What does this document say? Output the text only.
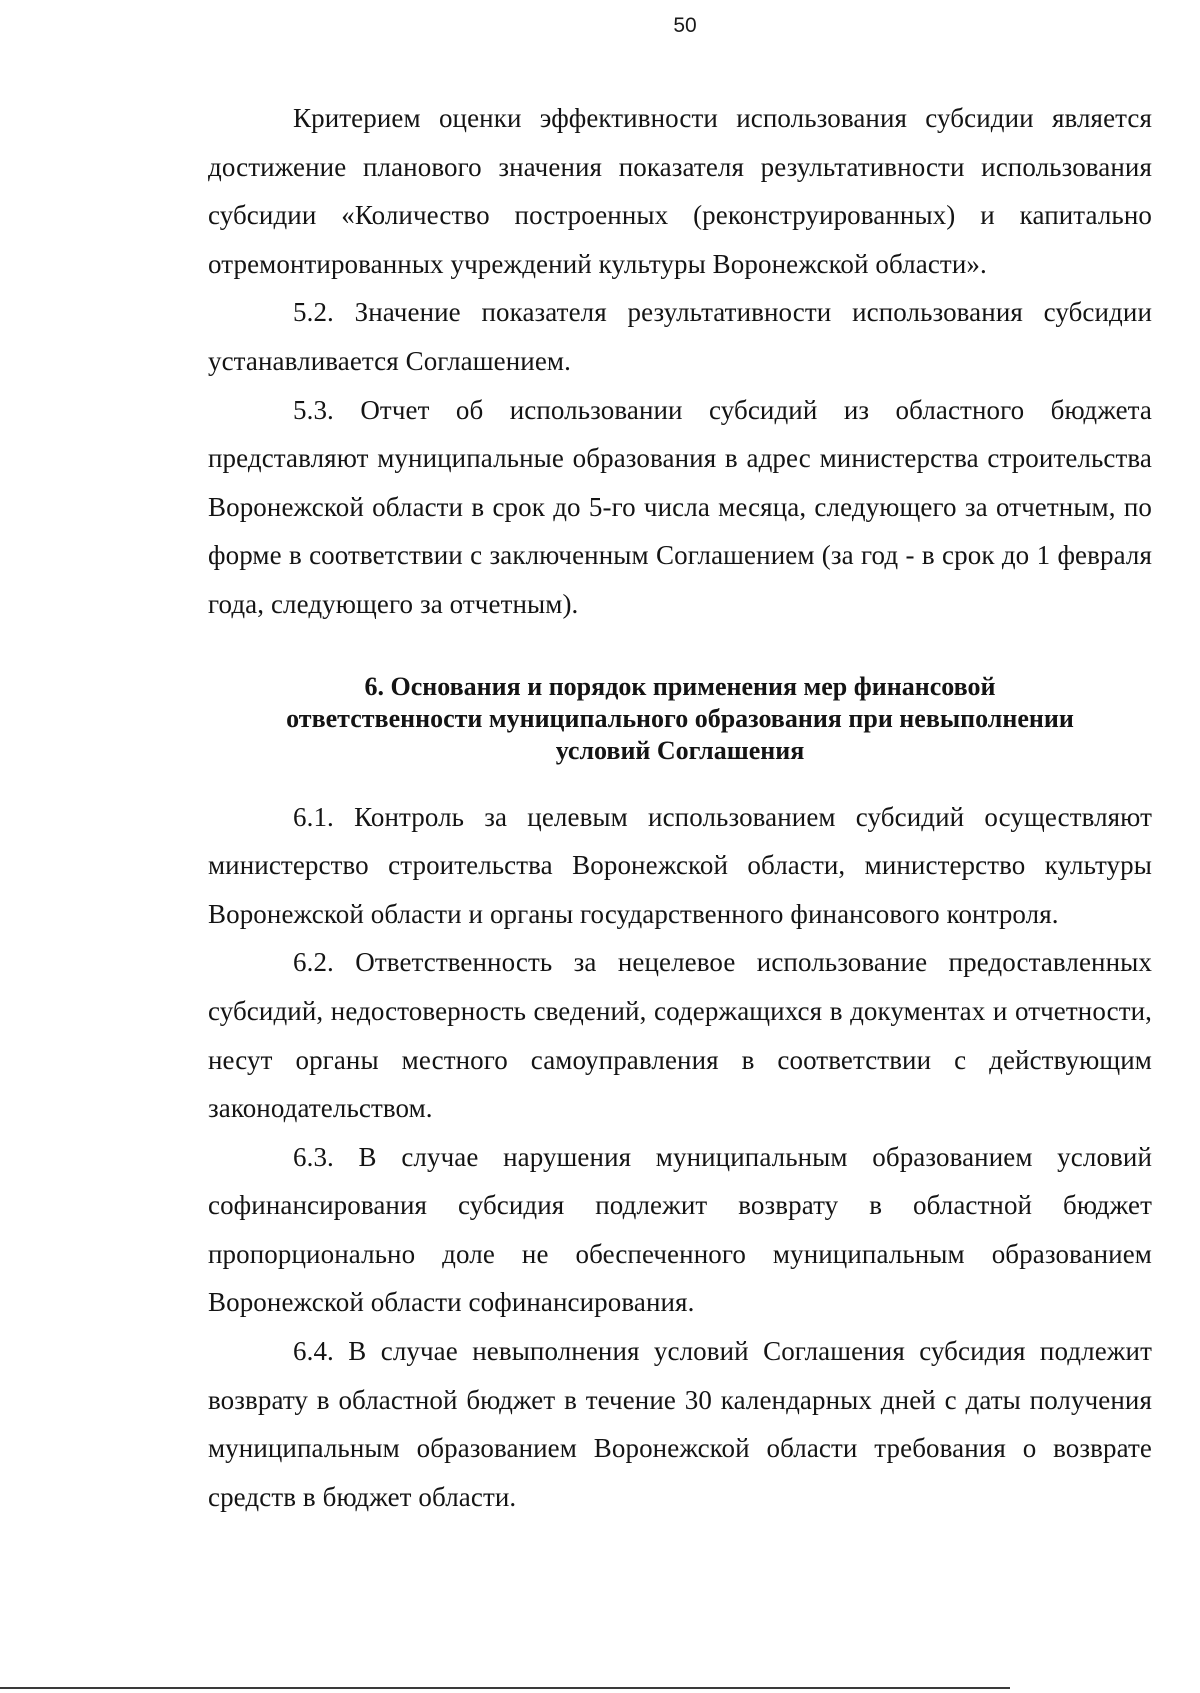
50

Критерием оценки эффективности использования субсидии является достижение планового значения показателя результативности использования субсидии «Количество построенных (реконструированных) и капитально отремонтированных учреждений культуры Воронежской области».

5.2. Значение показателя результативности использования субсидии устанавливается Соглашением.

5.3. Отчет об использовании субсидий из областного бюджета представляют муниципальные образования в адрес министерства строительства Воронежской области в срок до 5-го числа месяца, следующего за отчетным, по форме в соответствии с заключенным Соглашением (за год - в срок до 1 февраля года, следующего за отчетным).

6. Основания и порядок применения мер финансовой
ответственности муниципального образования при невыполнении
условий Соглашения

6.1. Контроль за целевым использованием субсидий осуществляют министерство строительства Воронежской области, министерство культуры Воронежской области и органы государственного финансового контроля.

6.2. Ответственность за нецелевое использование предоставленных субсидий, недостоверность сведений, содержащихся в документах и отчетности, несут органы местного самоуправления в соответствии с действующим законодательством.

6.3. В случае нарушения муниципальным образованием условий софинансирования субсидия подлежит возврату в областной бюджет пропорционально доле не обеспеченного муниципальным образованием Воронежской области софинансирования.

6.4. В случае невыполнения условий Соглашения субсидия подлежит возврату в областной бюджет в течение 30 календарных дней с даты получения муниципальным образованием Воронежской области требования о возврате средств в бюджет области.
